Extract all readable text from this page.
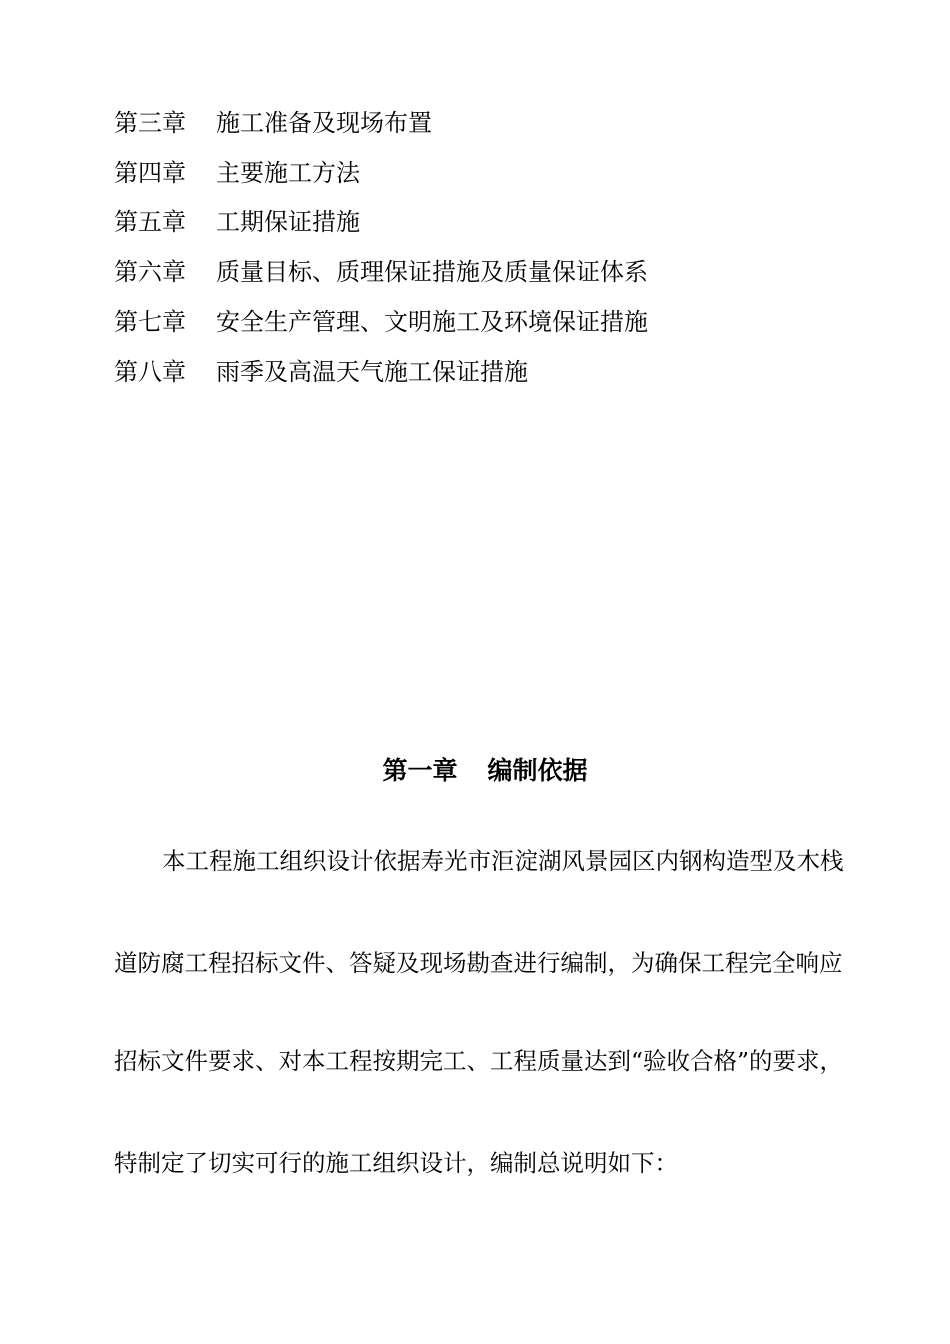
第三章 施工准备及现场布置
第四章 主要施工方法
第五章 工期保证措施
第六章 质量目标、质理保证措施及质量保证体系
第七章 安全生产管理、文明施工及环境保证措施
第八章 雨季及高温天气施工保证措施
第一章 编制依据
本工程施工组织设计依据寿光市洰淀湖风景园区内钢构造型及木栈
道防腐工程招标文件、答疑及现场勘查进行编制，为确保工程完全响应
招标文件要求、对本工程按期完工、工程质量达到“验收合格”的要求，
特制定了切实可行的施工组织设计，编制总说明如下：
